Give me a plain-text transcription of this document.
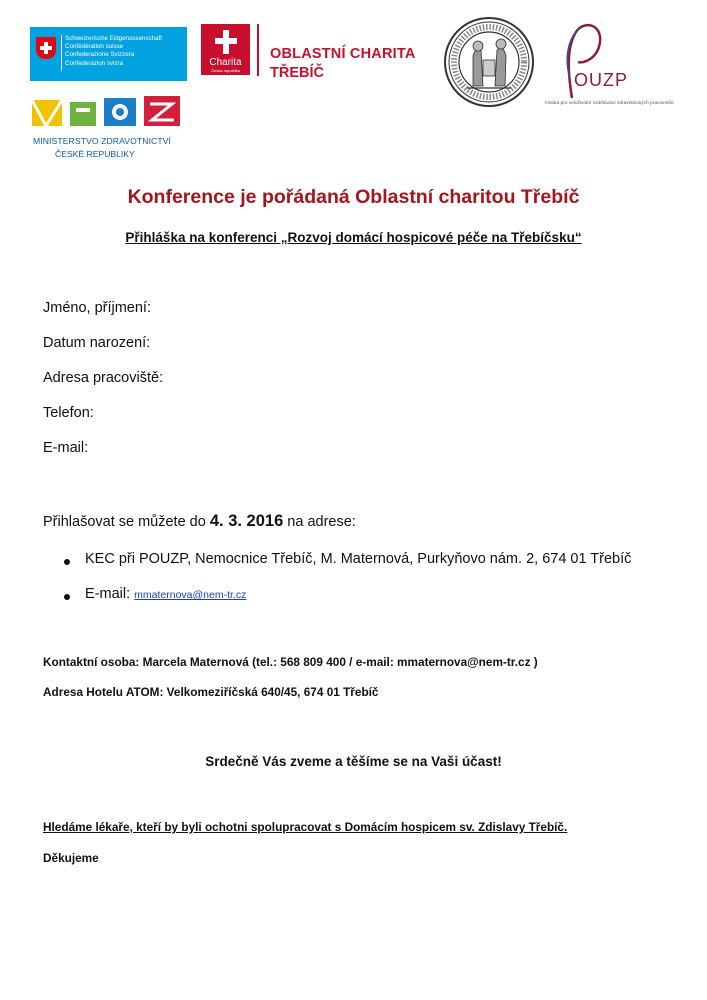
Schweizerische Eidgenossenschaft
Confédération suisse
Confederazione Svizzera
Confederaziun svizra	Charita
Česká republika
OBLASTNÍ CHARITA
TŘEBÍČ	OUZP
Institut pro celoživotní vzdělávání zdravotnických pracovníků
MINISTERSTVO ZDRAVOTNICTVÍ
ČESKÉ REPUBLIKY
Konference je pořádaná Oblastní charitou Třebíč
Přihláška na konferenci „Rozvoj domácí hospicové péče na Třebíčsku“
Jméno, příjmení:
Datum narození:
Adresa pracoviště:
Telefon:
E-mail:
Přihlašovat se můžete do 4. 3. 2016 na adrese:
KEC při POUZP, Nemocnice Třebíč, M. Maternová, Purkyňovo nám. 2, 674 01 Třebíč
E-mail: mmaternova@nem-tr.cz
Kontaktní osoba: Marcela Maternová (tel.: 568 809 400 / e-mail: mmaternova@nem-tr.cz )
Adresa Hotelu ATOM: Velkomeziříčská 640/45, 674 01 Třebíč
Srdečně Vás zveme a těšíme se na Vaši účast!
Hledáme lékaře, kteří by byli ochotni spolupracovat s Domácím hospicem sv. Zdislavy Třebíč.
Děkujeme
